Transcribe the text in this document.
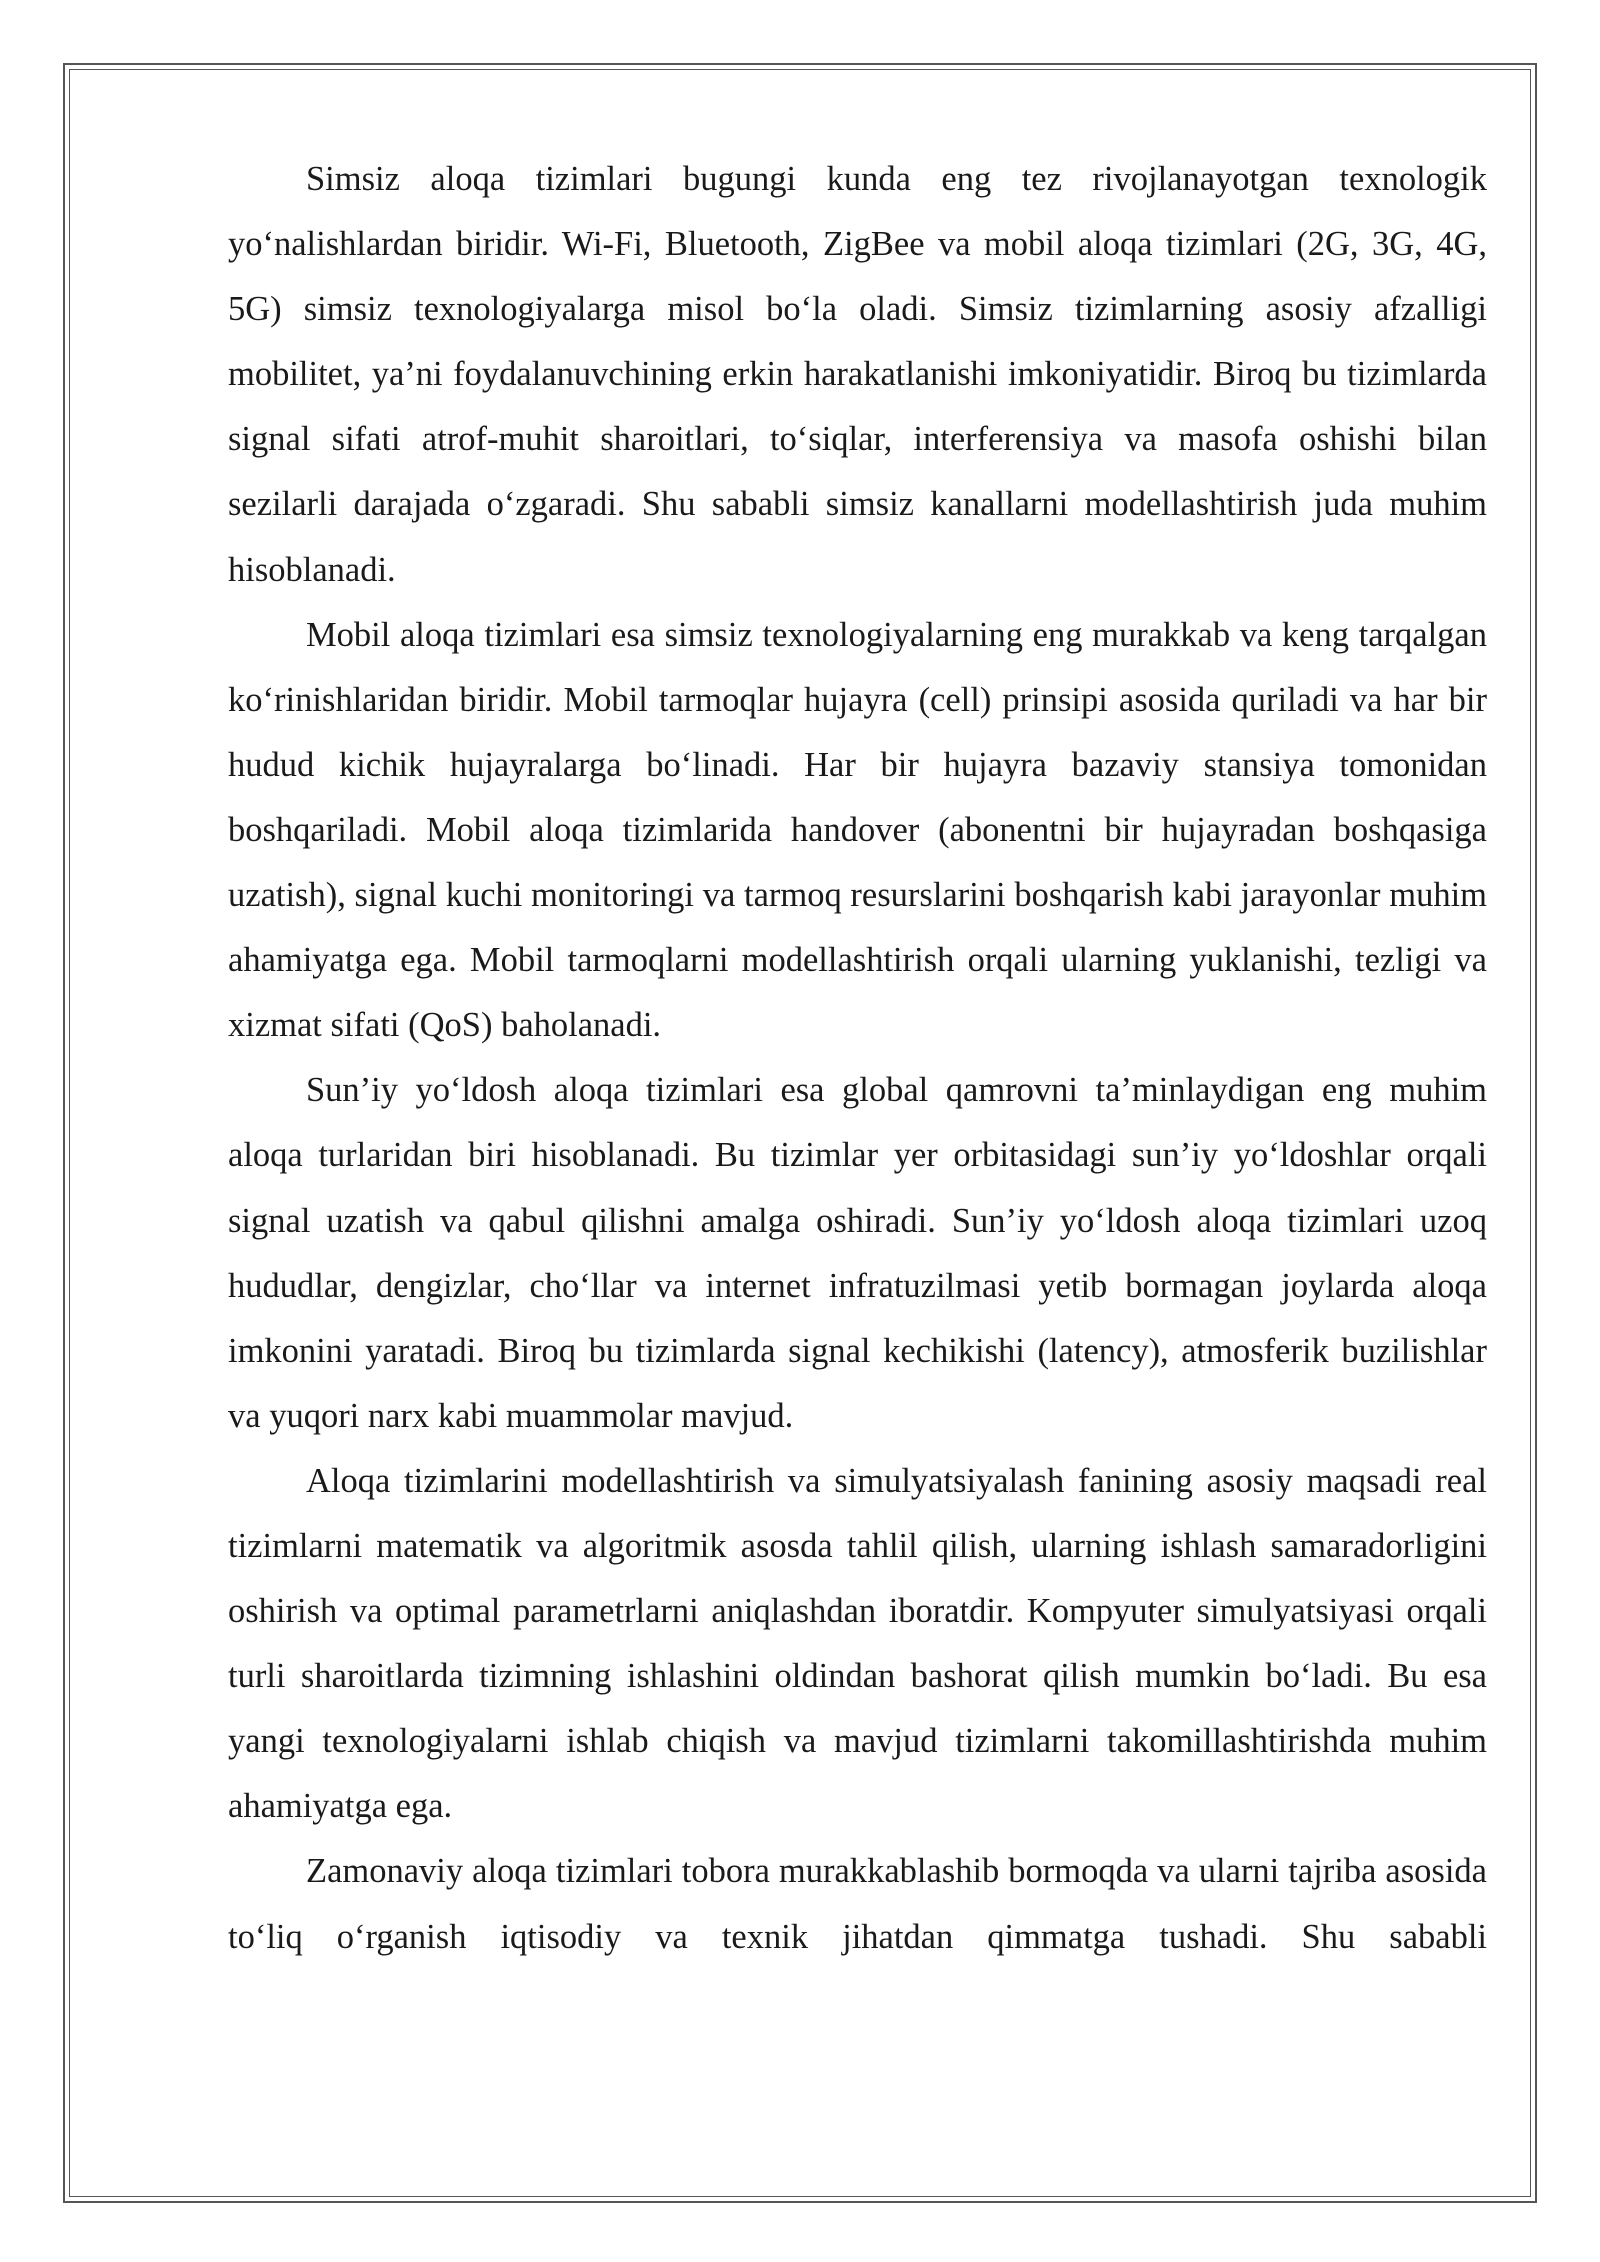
Simsiz aloqa tizimlari bugungi kunda eng tez rivojlanayotgan texnologik yo‘nalishlardan biridir. Wi-Fi, Bluetooth, ZigBee va mobil aloqa tizimlari (2G, 3G, 4G, 5G) simsiz texnologiyalarga misol bo‘la oladi. Simsiz tizimlarning asosiy afzalligi mobilitet, ya’ni foydalanuvchining erkin harakatlanishi imkoniyatidir. Biroq bu tizimlarda signal sifati atrof-muhit sharoitlari, to‘siqlar, interferensiya va masofa oshishi bilan sezilarli darajada o‘zgaradi. Shu sababli simsiz kanallarni modellashtirish juda muhim hisoblanadi.

Mobil aloqa tizimlari esa simsiz texnologiyalarning eng murakkab va keng tarqalgan ko‘rinishlaridan biridir. Mobil tarmoqlar hujayra (cell) prinsipi asosida quriladi va har bir hudud kichik hujayralarga bo‘linadi. Har bir hujayra bazaviy stansiya tomonidan boshqariladi. Mobil aloqa tizimlarida handover (abonentni bir hujayradan boshqasiga uzatish), signal kuchi monitoringi va tarmoq resurslarini boshqarish kabi jarayonlar muhim ahamiyatga ega. Mobil tarmoqlarni modellashtirish orqali ularning yuklanishi, tezligi va xizmat sifati (QoS) baholanadi.

Sun’iy yo‘ldosh aloqa tizimlari esa global qamrovni ta’minlaydigan eng muhim aloqa turlaridan biri hisoblanadi. Bu tizimlar yer orbitasidagi sun’iy yo‘ldoshlar orqali signal uzatish va qabul qilishni amalga oshiradi. Sun’iy yo‘ldosh aloqa tizimlari uzoq hududlar, dengizlar, cho‘llar va internet infratuzilmasi yetib bormagan joylarda aloqa imkonini yaratadi. Biroq bu tizimlarda signal kechikishi (latency), atmosferik buzilishlar va yuqori narx kabi muammolar mavjud.

Aloqa tizimlarini modellashtirish va simulyatsiyalash fanining asosiy maqsadi real tizimlarni matematik va algoritmik asosda tahlil qilish, ularning ishlash samaradorligini oshirish va optimal parametrlarni aniqlashdan iboratdir. Kompyuter simulyatsiyasi orqali turli sharoitlarda tizimning ishlashini oldindan bashorat qilish mumkin bo‘ladi. Bu esa yangi texnologiyalarni ishlab chiqish va mavjud tizimlarni takomillashtirishda muhim ahamiyatga ega.

Zamonaviy aloqa tizimlari tobora murakkablashib bormoqda va ularni tajriba asosida to‘liq o‘rganish iqtisodiy va texnik jihatdan qimmatga tushadi. Shu sababli
